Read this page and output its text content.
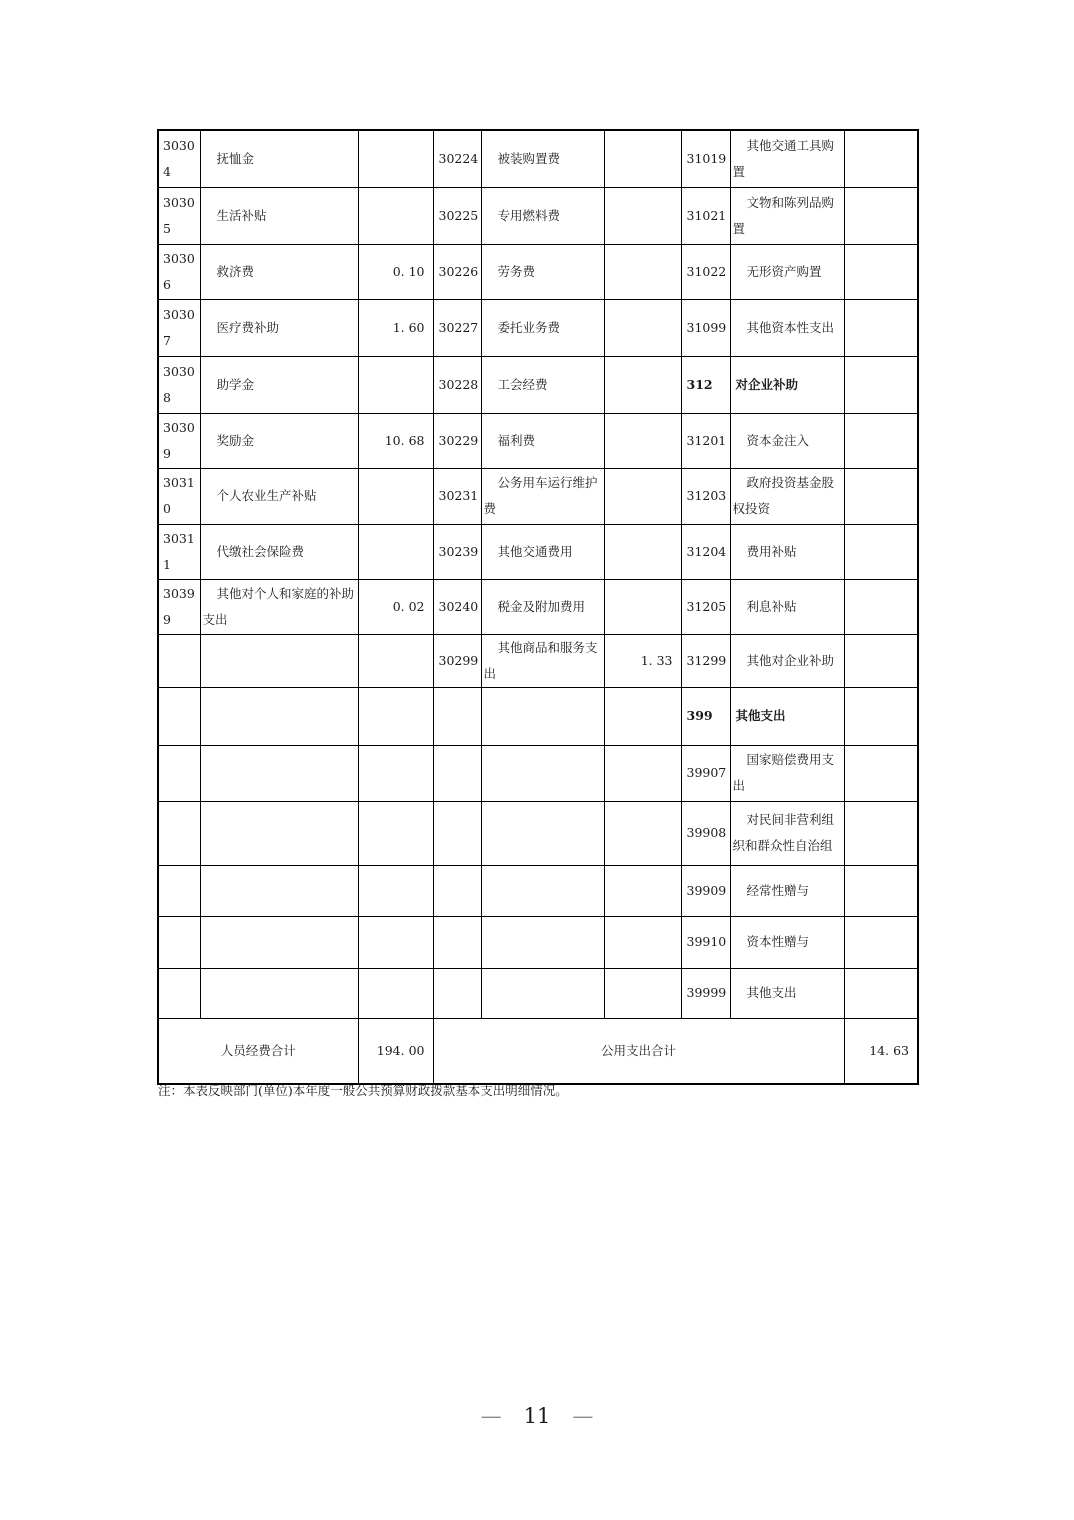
30304	抚恤金		30224	被装购置费		31019	其他交通工具购置	
30305	生活补贴		30225	专用燃料费		31021	文物和陈列品购置	
30306	救济费	0. 10	30226	劳务费		31022	无形资产购置	
30307	医疗费补助	1. 60	30227	委托业务费		31099	其他资本性支出	
30308	助学金		30228	工会经费		312	对企业补助	
30309	奖励金	10. 68	30229	福利费		31201	资本金注入	
30310	个人农业生产补贴		30231	公务用车运行维护费		31203	政府投资基金股权投资	
30311	代缴社会保险费		30239	其他交通费用		31204	费用补贴	
30399	其他对个人和家庭的补助支出	0. 02	30240	税金及附加费用		31205	利息补贴	
			30299	其他商品和服务支出	1. 33	31299	其他对企业补助	
						399	其他支出	
						39907	国家赔偿费用支出	
						39908	对民间非营利组织和群众性自治组	
						39909	经常性赠与	
						39910	资本性赠与	
						39999	其他支出	
人员经费合计		194. 00	公用支出合计					14. 63
注：本表反映部门(单位)本年度一般公共预算财政拨款基本支出明细情况。
— 11 —
